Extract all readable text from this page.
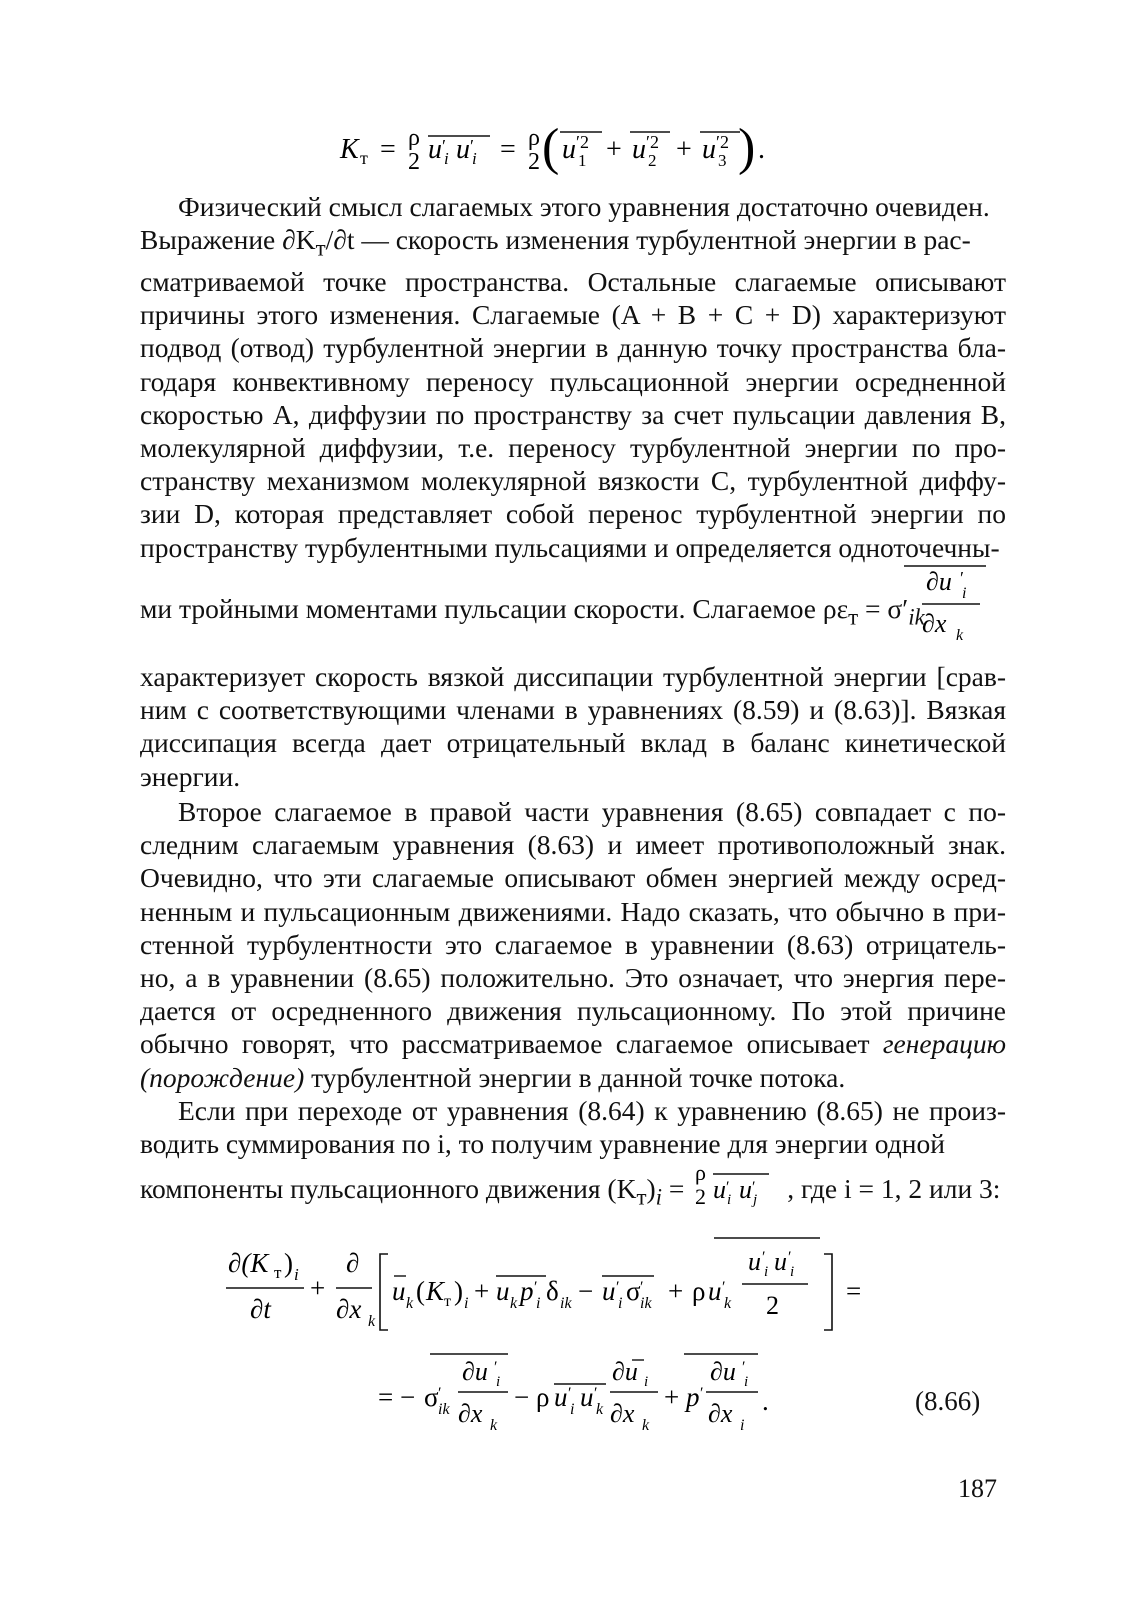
K т = ρ
2 u ′
i u ′
i = ρ
2 ( u ′2
1 + u ′2
2 + u ′2
3 ) .

Физический смысл слагаемых этого уравнения достаточно очевиден.

Выражение $\partial K_т/\partial t$ — скорость изменения турбулентной энергии в рас-

сматриваемой точке пространства. Остальные слагаемые описывают причины этого изменения. Слагаемые (A + B + C + D) характеризуют подвод (отвод) турбулентной энергии в данную точку пространства бла- годаря конвективному переносу пульсационной энергии осредненной скоростью A, диффузии по пространству за счет пульсации давления B, молекулярной диффузии, т.е. переносу турбулентной энергии по про- странству механизмом молекулярной вязкости C, турбулентной диффу- зии D, которая представляет собой перенос турбулентной энергии по пространству турбулентными пульсациями и определяется одноточечны-

ми тройными моментами пульсации скорости. Слагаемое $\rho\varepsilon_т = \sigma'_{ik}$

∂u ′
i
∂x k

характеризует скорость вязкой диссипации турбулентной энергии [срав- ним с соответствующими членами в уравнениях (8.59) и (8.63)]. Вязкая диссипация всегда дает отрицательный вклад в баланс кинетической энергии.

Второе слагаемое в правой части уравнения (8.65) совпадает с по- следним слагаемым уравнения (8.63) и имеет противоположный знак. Очевидно, что эти слагаемые описывают обмен энергией между осред- ненным и пульсационным движениями. Надо сказать, что обычно в при- стенной турбулентности это слагаемое в уравнении (8.63) отрицатель- но, а в уравнении (8.65) положительно. Это означает, что энергия пере- дается от осредненного движения пульсационному. По этой причине обычно говорят, что рассматриваемое слагаемое описывает генерацию (порождение) турбулентной энергии в данной точке потока.

Если при переходе от уравнения (8.64) к уравнению (8.65) не произ- водить суммирования по i, то получим уравнение для энергии одной

компоненты пульсационного движения $(K_т)_i$ =	, где i = 1, 2 или 3:

ρ
2 u ′
i u ′
j
∂(K т ) i
∂t
+
∂
∂x k
u k ( K т ) i + u k p ′
i δ ik − u ′
i σ ′
ik + ρ u ′
k
u ′
i u ′
i
2 =
= − σ ′
ik
∂u ′
i
∂x k
− ρ u ′
i u ′
k
∂u i
∂x k
+ p ′
∂u ′
i
∂x i
.	(8.66)
187
